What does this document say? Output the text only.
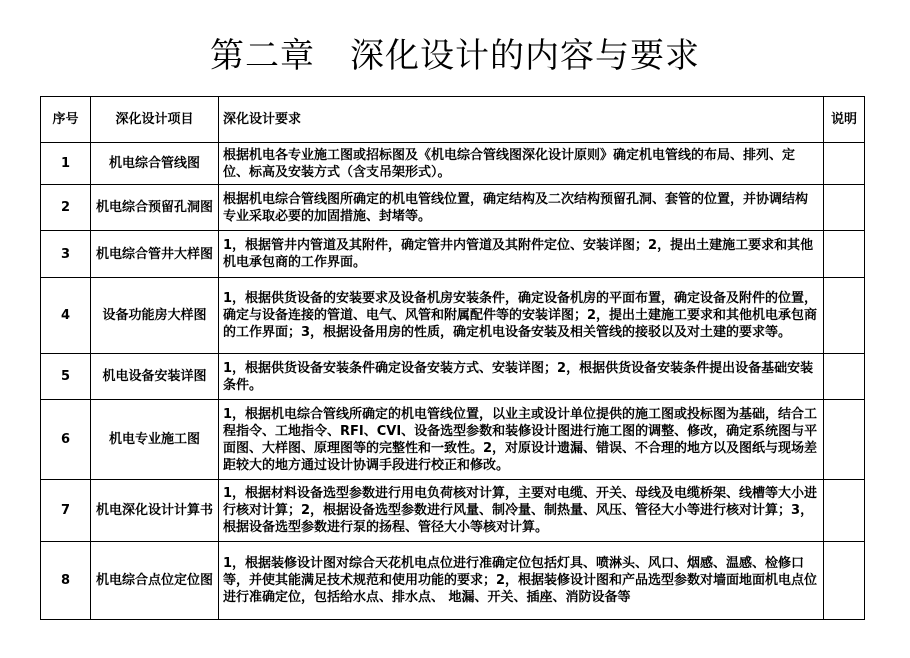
第二章　深化设计的内容与要求
序号	深化设计项目	深化设计要求	说明
1	机电综合管线图	根据机电各专业施工图或招标图及《机电综合管线图深化设计原则》确定机电管线的布局、排列、定位、标高及安装方式（含支吊架形式）。	
2	机电综合预留孔洞图	根据机电综合管线图所确定的机电管线位置，确定结构及二次结构预留孔洞、套管的位置，并协调结构专业采取必要的加固措施、封堵等。	
3	机电综合管井大样图	1，根据管井内管道及其附件，确定管井内管道及其附件定位、安装详图；2，提出土建施工要求和其他机电承包商的工作界面。	
4	设备功能房大样图	1，根据供货设备的安装要求及设备机房安装条件，确定设备机房的平面布置，确定设备及附件的位置，确定与设备连接的管道、电气、风管和附属配件等的安装详图；2，提出土建施工要求和其他机电承包商的工作界面；3，根据设备用房的性质，确定机电设备安装及相关管线的接驳以及对土建的要求等。	
5	机电设备安装详图	1，根据供货设备安装条件确定设备安装方式、安装详图；2，根据供货设备安装条件提出设备基础安装条件。	
6	机电专业施工图	1，根据机电综合管线所确定的机电管线位置，以业主或设计单位提供的施工图或投标图为基础，结合工程指令、工地指令、RFI、CVI、设备选型参数和装修设计图进行施工图的调整、修改，确定系统图与平面图、大样图、原理图等的完整性和一致性。2，对原设计遗漏、错误、不合理的地方以及图纸与现场差距较大的地方通过设计协调手段进行校正和修改。	
7	机电深化设计计算书	1，根据材料设备选型参数进行用电负荷核对计算，主要对电缆、开关、母线及电缆桥架、线槽等大小进行核对计算；2，根据设备选型参数进行风量、制冷量、制热量、风压、管径大小等进行核对计算；3，根据设备选型参数进行泵的扬程、管径大小等核对计算。	
8	机电综合点位定位图	1，根据装修设计图对综合天花机电点位进行准确定位包括灯具、喷淋头、风口、烟感、温感、检修口等，并使其能满足技术规范和使用功能的要求；2，根据装修设计图和产品选型参数对墙面地面机电点位进行准确定位，包括给水点、排水点、 地漏、开关、插座、消防设备等	
